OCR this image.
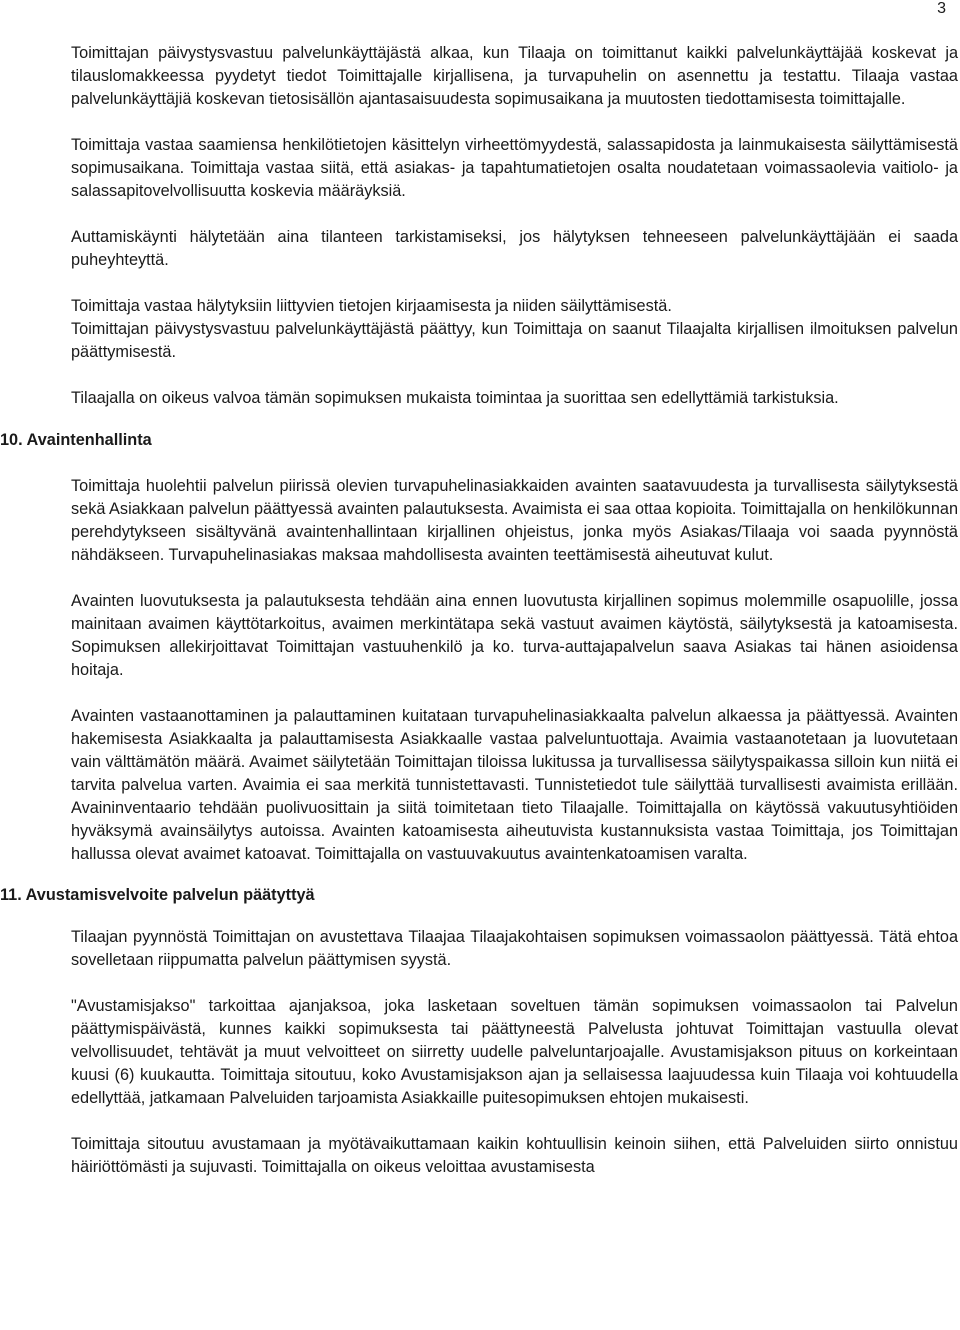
3

Toimittajan päivystysvastuu palvelunkäyttäjästä alkaa, kun Tilaaja on toimittanut kaikki palvelunkäyttäjää koskevat ja tilauslomakkeessa pyydetyt tiedot Toimittajalle kirjallisena, ja turvapuhelin on asennettu ja testattu. Tilaaja vastaa palvelunkäyttäjiä koskevan tietosisällön ajantasaisuudesta sopimusaikana ja muutosten tiedottamisesta toimittajalle.

Toimittaja vastaa saamiensa henkilötietojen käsittelyn virheettömyydestä, salassapidosta ja lainmukaisesta säilyttämisestä sopimusaikana. Toimittaja vastaa siitä, että asiakas- ja tapahtumatietojen osalta noudatetaan voimassaolevia vaitiolo- ja salassapitovelvollisuutta koskevia määräyksiä.

Auttamiskäynti hälytetään aina tilanteen tarkistamiseksi, jos hälytyksen tehneeseen palvelunkäyttäjään ei saada puheyhteyttä.

Toimittaja vastaa hälytyksiin liittyvien tietojen kirjaamisesta ja niiden säilyttämisestä.

Toimittajan päivystysvastuu palvelunkäyttäjästä päättyy, kun Toimittaja on saanut Tilaajalta kirjallisen ilmoituksen palvelun päättymisestä.

Tilaajalla on oikeus valvoa tämän sopimuksen mukaista toimintaa ja suorittaa sen edellyttämiä tarkistuksia.

10. Avaintenhallinta

Toimittaja huolehtii palvelun piirissä olevien turvapuhelinasiakkaiden avainten saatavuudesta ja turvallisesta säilytyksestä sekä Asiakkaan palvelun päättyessä avainten palautuksesta. Avaimista ei saa ottaa kopioita. Toimittajalla on henkilökunnan perehdytykseen sisältyvänä avaintenhallintaan kirjallinen ohjeistus, jonka myös Asiakas/Tilaaja voi saada pyynnöstä nähdäkseen. Turvapuhelinasiakas maksaa mahdollisesta avainten teettämisestä aiheutuvat kulut.

Avainten luovutuksesta ja palautuksesta tehdään aina ennen luovutusta kirjallinen sopimus molemmille osapuolille, jossa mainitaan avaimen käyttötarkoitus, avaimen merkintätapa sekä vastuut avaimen käytöstä, säilytyksestä ja katoamisesta. Sopimuksen allekirjoittavat Toimittajan vastuuhenkilö ja ko. turva-auttajapalvelun saava Asiakas tai hänen asioidensa hoitaja.

Avainten vastaanottaminen ja palauttaminen kuitataan turvapuhelinasiakkaalta palvelun alkaessa ja päättyessä. Avainten hakemisesta Asiakkaalta ja palauttamisesta Asiakkaalle vastaa palveluntuottaja. Avaimia vastaanotetaan ja luovutetaan vain välttämätön määrä. Avaimet säilytetään Toimittajan tiloissa lukitussa ja turvallisessa säilytyspaikassa silloin kun niitä ei tarvita palvelua varten. Avaimia ei saa merkitä tunnistettavasti. Tunnistetiedot tule säilyttää turvallisesti avaimista erillään. Avaininventaario tehdään puolivuosittain ja siitä toimitetaan tieto Tilaajalle. Toimittajalla on käytössä vakuutusyhtiöiden hyväksymä avainsäilytys autoissa. Avainten katoamisesta aiheutuvista kustannuksista vastaa Toimittaja, jos Toimittajan hallussa olevat avaimet katoavat. Toimittajalla on vastuuvakuutus avaintenkatoamisen varalta.

11. Avustamisvelvoite palvelun päätyttyä

Tilaajan pyynnöstä Toimittajan on avustettava Tilaajaa Tilaajakohtaisen sopimuksen voimassaolon päättyessä. Tätä ehtoa sovelletaan riippumatta palvelun päättymisen syystä.

"Avustamisjakso" tarkoittaa ajanjaksoa, joka lasketaan soveltuen tämän sopimuksen voimassaolon tai Palvelun päättymispäivästä, kunnes kaikki sopimuksesta tai päättyneestä Palvelusta johtuvat Toimittajan vastuulla olevat velvollisuudet, tehtävät ja muut velvoitteet on siirretty uudelle palveluntarjoajalle. Avustamisjakson pituus on korkeintaan kuusi (6) kuukautta. Toimittaja sitoutuu, koko Avustamisjakson ajan ja sellaisessa laajuudessa kuin Tilaaja voi kohtuudella edellyttää, jatkamaan Palveluiden tarjoamista Asiakkaille puitesopimuksen ehtojen mukaisesti.

Toimittaja sitoutuu avustamaan ja myötävaikuttamaan kaikin kohtuullisin keinoin siihen, että Palveluiden siirto onnistuu häiriöttömästi ja sujuvasti. Toimittajalla on oikeus veloittaa avustamisesta
